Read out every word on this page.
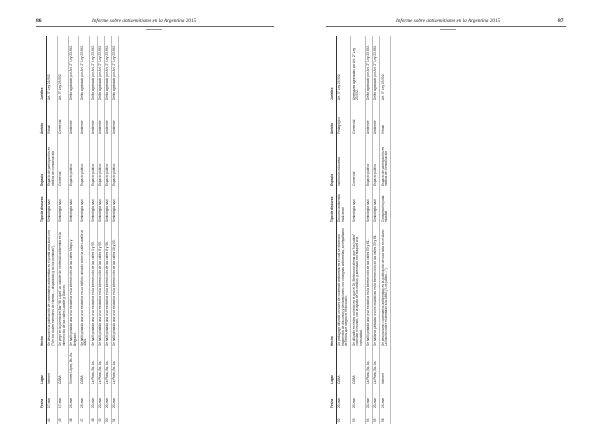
86	Informe sobre antisemitismo en la Argentina 2015
	Fecha	Lugar	Hecho	Tipo de discurso	Espacio	Ámbito	Jurídico
44	17-mar	Internet	Se denunció la publicación de comentarios antisemitas en el portal www.kunt.com ("Ver los cuales miembros de Hamás ... disparando y no los nombran").	Simbología nazi	Espacio de participación en medios de comunicación	Virtual	Art. 3° Ley 23.592.
45	17-mar	CABA	Se pegó en la puerta del Bar "Mi Lujan" un volante de contenido antisemita en la intersección de las calles Lavalle y Gascón.	Simbología nazi	Comercial	Comercial	Art. 3° Ley 23.592.
46	24-mar	Vicente López, Bs. As.	Se halló pintada una cruz esvástica en la intersección de las calles Maipú y Belgrano.	Simbología nazi	Espacio público	Ambiente	Delito agravado por Art. 2° Ley 23.592.
47	25-mar	CABA	Se halló pintada una cruz esvástica en un edificio ubicado sobre la calle Lavalle al 4000.	Simbología nazi	Espacio público	Ambiente	Delito agravado por Art. 2° Ley 23.592.
48	20-mar	La Plata, Bs. As.	Se halló pintada una cruz esvástica en la intersección de las calles 1 y 55.	Simbología nazi	Espacio público	Ambiente	Delito agravado por Art. 2° Ley 23.592.
49	20-mar	La Plata, Bs. As.	Se halló pintada una cruz esvástica en la intersección de las calles 8 y 55.	Simbología nazi	Espacio público	Ambiente	Delito agravado por Art. 2° Ley 23.592.
50	20-mar	La Plata, Bs. As.	Se halló pintada una cruz esvástica en la intersección de las calles 8 y 56.	Simbología nazi	Espacio público	Ambiente	Delito agravado por Art. 2° Ley 23.592.
51	20-mar	La Plata, Bs. As.	Se halló pintada una cruz esvástica en la intersección de las calles 10 y 55.	Simbología nazi	Espacio público	Ambiente	Delito agravado por Art. 2° Ley 23.592.
Informe sobre antisemitismo en la Argentina 2015	87
	Fecha	Lugar	Hecho	Tipo de discurso	Espacio	Ámbito	Jurídico
52	20-mar	CABA	Un pedagogo difundió un video de contenido antisemita en el cual se observan fragmentos de discursos y declaraciones con consignas antisemitas, acompañados de textos que niegan el Holocausto.	Discurso antisemita tradicional	Institución educativa	Pedagógico	Art. 3° Ley 23.592.
53	20-mar	CABA	Se difundió en redes un texto en el que el Dr. Berlusconi afirma que "los judíos" controlan el mundo, con la ayuda de los medios, y amenaza con ataques a la comunidad.	Simbología nazi	Comercial	Comercial	Amenazas agravadas por Art. 2° Ley 23.592.
54	20-mar	La Plata, Bs. As.	Se halló pintada una cruz esvástica en la intersección de las calles 53 y 61.	Simbología nazi	Espacio público	Ambiente	Delito agravado por Art. 2° Ley 23.592.
55	20-mar	La Plata, Bs. As.	Se hallaron pintadas cruces esvásticas en la intersección de las calles 53 y 61.	Simbología nazi	Espacio público	Ambiente	Delito agravado por Art. 2° Ley 23.592.
56	24-mar	Internet	Se denunciaron comentarios antisemitas en la publicación de una nota en el diario La Nación sobre el atentado a la AMIA ("Los judíos ...").	Conspiración judía mundial	Espacio de participación en medios de comunicación	Virtual	Art. 3° Ley 23.592.
